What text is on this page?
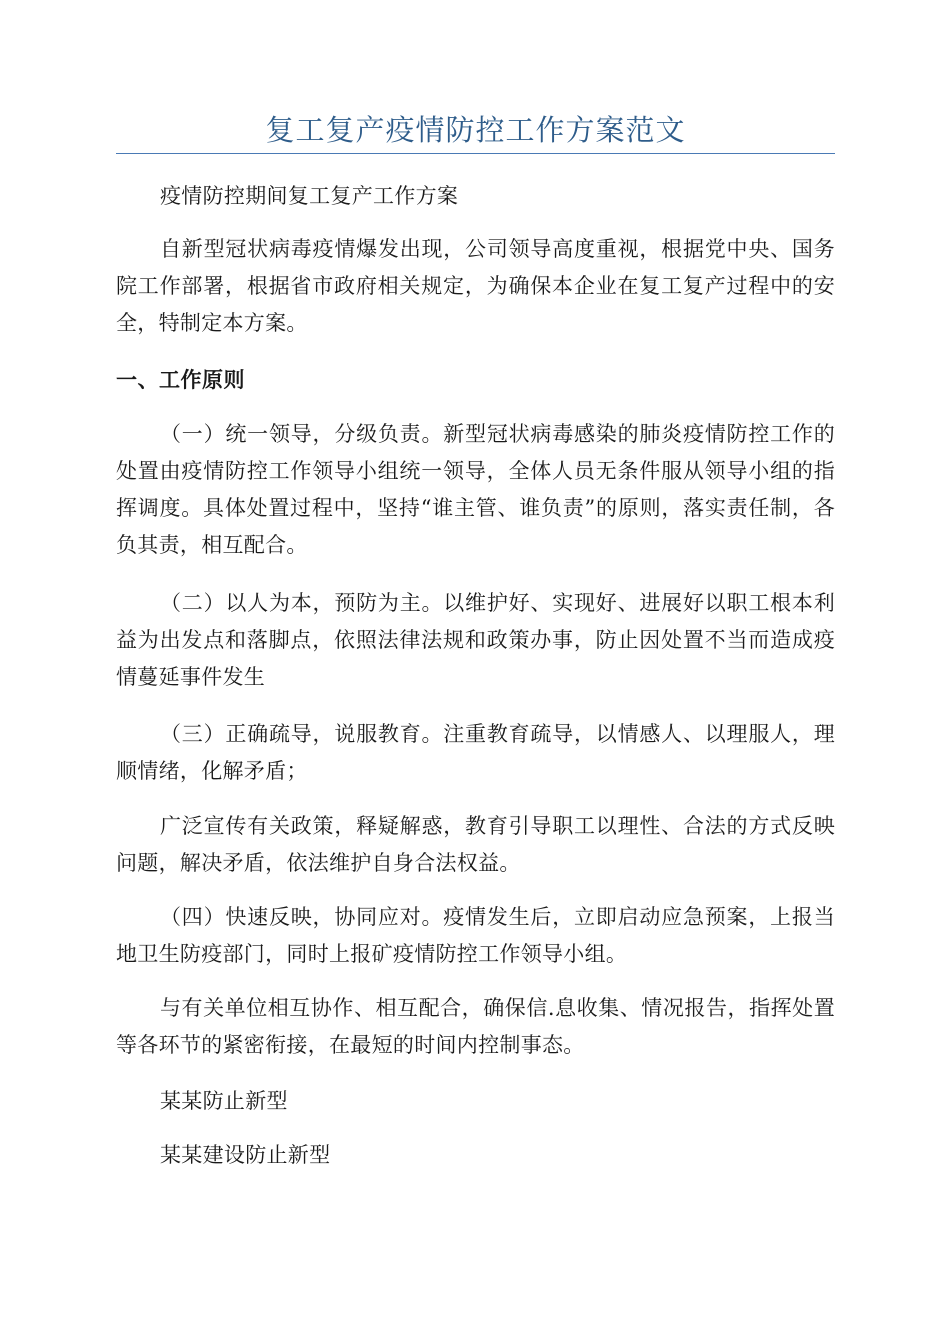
复工复产疫情防控工作方案范文

疫情防控期间复工复产工作方案

自新型冠状病毒疫情爆发出现，公司领导高度重视，根据党中央、国务院工作部署，根据省市政府相关规定，为确保本企业在复工复产过程中的安全，特制定本方案。

一、工作原则

（一）统一领导，分级负责。新型冠状病毒感染的肺炎疫情防控工作的处置由疫情防控工作领导小组统一领导，全体人员无条件服从领导小组的指挥调度。具体处置过程中，坚持“谁主管、谁负责”的原则，落实责任制，各负其责，相互配合。

（二）以人为本，预防为主。以维护好、实现好、进展好以职工根本利益为出发点和落脚点，依照法律法规和政策办事，防止因处置不当而造成疫情蔓延事件发生

（三）正确疏导，说服教育。注重教育疏导，以情感人、以理服人，理顺情绪，化解矛盾；

广泛宣传有关政策，释疑解惑，教育引导职工以理性、合法的方式反映问题，解决矛盾，依法维护自身合法权益。

（四）快速反映，协同应对。疫情发生后，立即启动应急预案，上报当地卫生防疫部门，同时上报矿疫情防控工作领导小组。

与有关单位相互协作、相互配合，确保信.息收集、情况报告，指挥处置等各环节的紧密衔接，在最短的时间内控制事态。

某某防止新型

某某建设防止新型
